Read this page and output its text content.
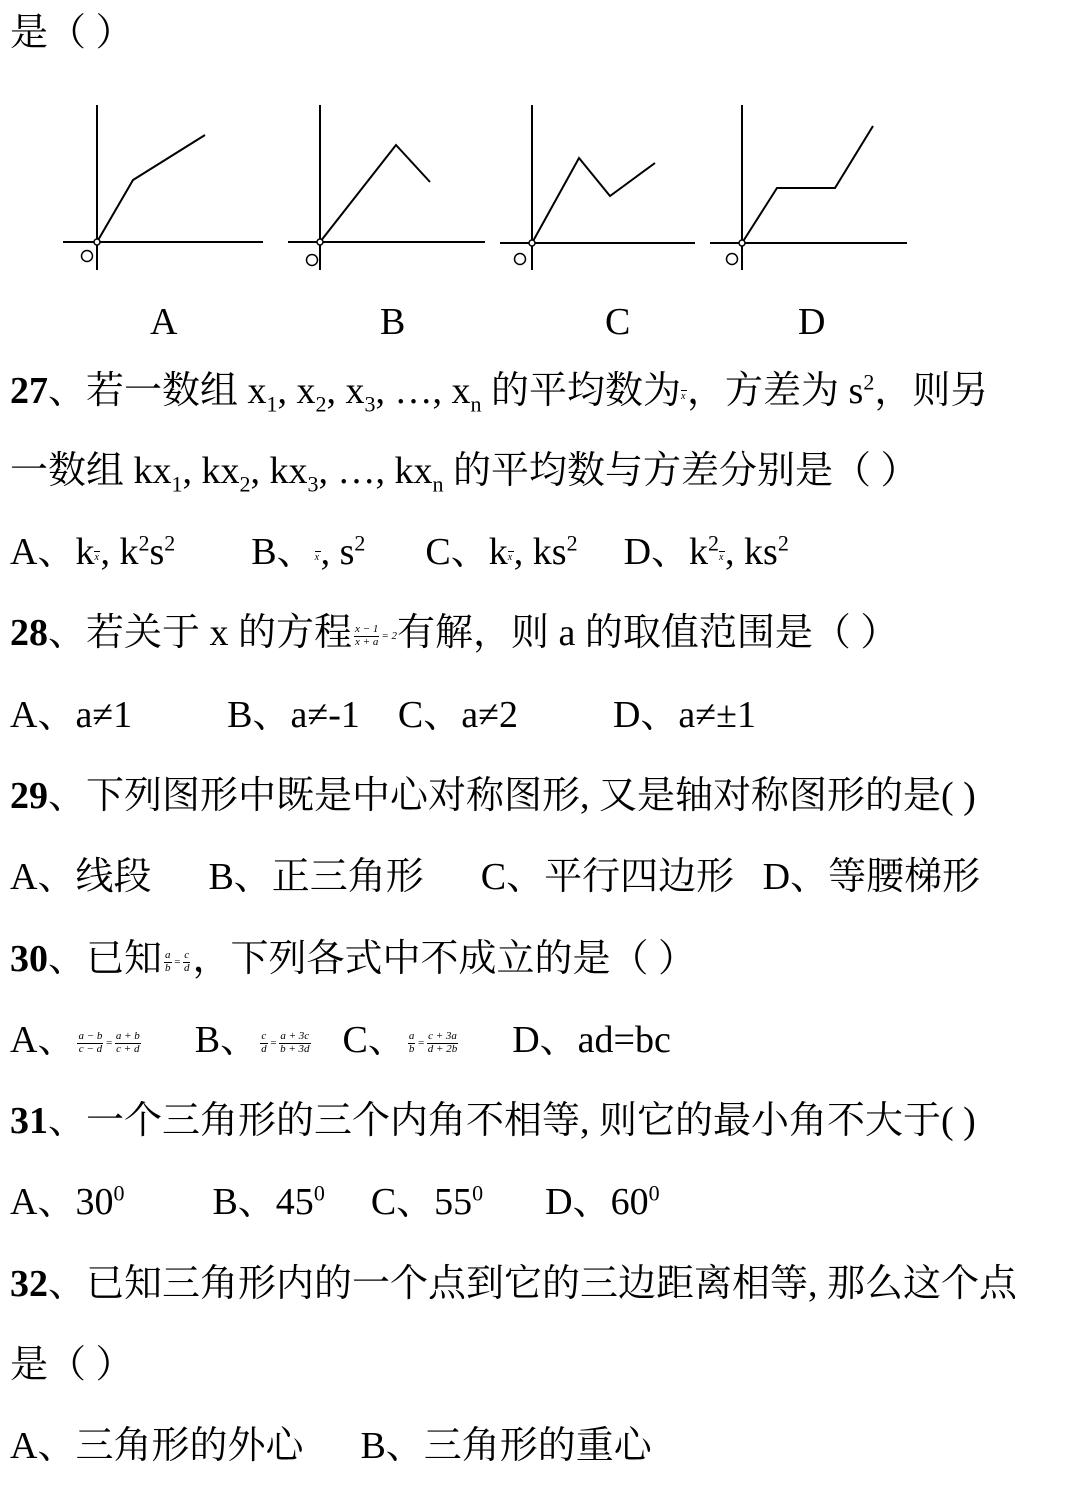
是（ ）
A	B	C	D
27、若一数组 $x_1$, $x_2$, $x_3$, …, $x_n$ 的平均数为
x，方差为 $s^2$，则另
一数组 $kx_1$, $kx_2$, $kx_3$, …, $kx_n$ 的平均数与方差分别是（ ）
A、k
x, $k^2s^2$ B、
x, $s^2$ C、k
x, $ks^2$ D、$k^2$
x, $ks^2$
28、若关于 x 的方程 $\frac{x - 1}{x + a} = 2$有解，则 a 的取值范围是（ ）
A、a≠1          B、a≠-1    C、a≠2          D、a≠±1
29、下列图形中既是中心对称图形, 又是轴对称图形的是( )
A、线段      B、正三角形      C、平行四边形   D、等腰梯形
30、已知 $\frac{a}{b} = \frac{c}{d}$ ，下列各式中不成立的是（ ）
A、 $\frac{a - b}{c - d} = \frac{a + b}{c + d}$ B、 $\frac{c}{d} = \frac{a + 3c}{b + 3d}$ C、 $\frac{a}{b} = \frac{c + 3a}{d + 2b}$ D、ad=bc
31、一个三角形的三个内角不相等, 则它的最小角不大于( )
A、$30^0$ B、$45^0$ C、$55^0$ D、$60^0$
32、已知三角形内的一个点到它的三边距离相等, 那么这个点
是（ ）
A、三角形的外心      B、三角形的重心
